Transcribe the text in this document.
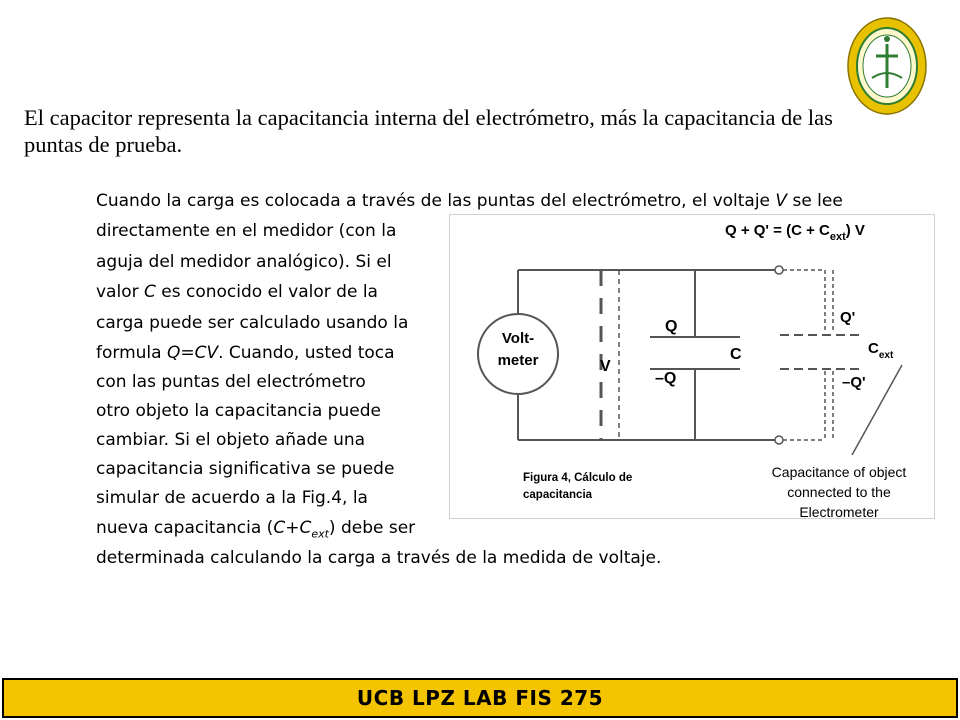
El capacitor representa la capacitancia interna del electrómetro, más la capacitancia de las
puntas de prueba.

Cuando la carga es colocada a través de las puntas del electrómetro, el voltaje V se lee

directamente en el medidor (con la

aguja del medidor analógico). Si el

valor C es conocido el valor de la

carga puede ser calculado usando la

formula Q=CV. Cuando, usted toca

con las puntas del electrómetro

otro objeto la capacitancia puede

cambiar. Si el objeto añade una

capacitancia significativa se puede

simular de acuerdo a la Fig.4, la

nueva capacitancia $(C+C_{ext})$ debe ser

determinada calculando la carga a través de la medida de voltaje.

$Q + Q' = (C + C_{ext})$ V
Volt-
meter	V
Q
C
–Q
Q'
$C_{ext}$
–Q'
Figura 4, Cálculo de
capacitancia
Capacitance of object
connected to the
Electrometer
UCB LPZ LAB FIS 275
